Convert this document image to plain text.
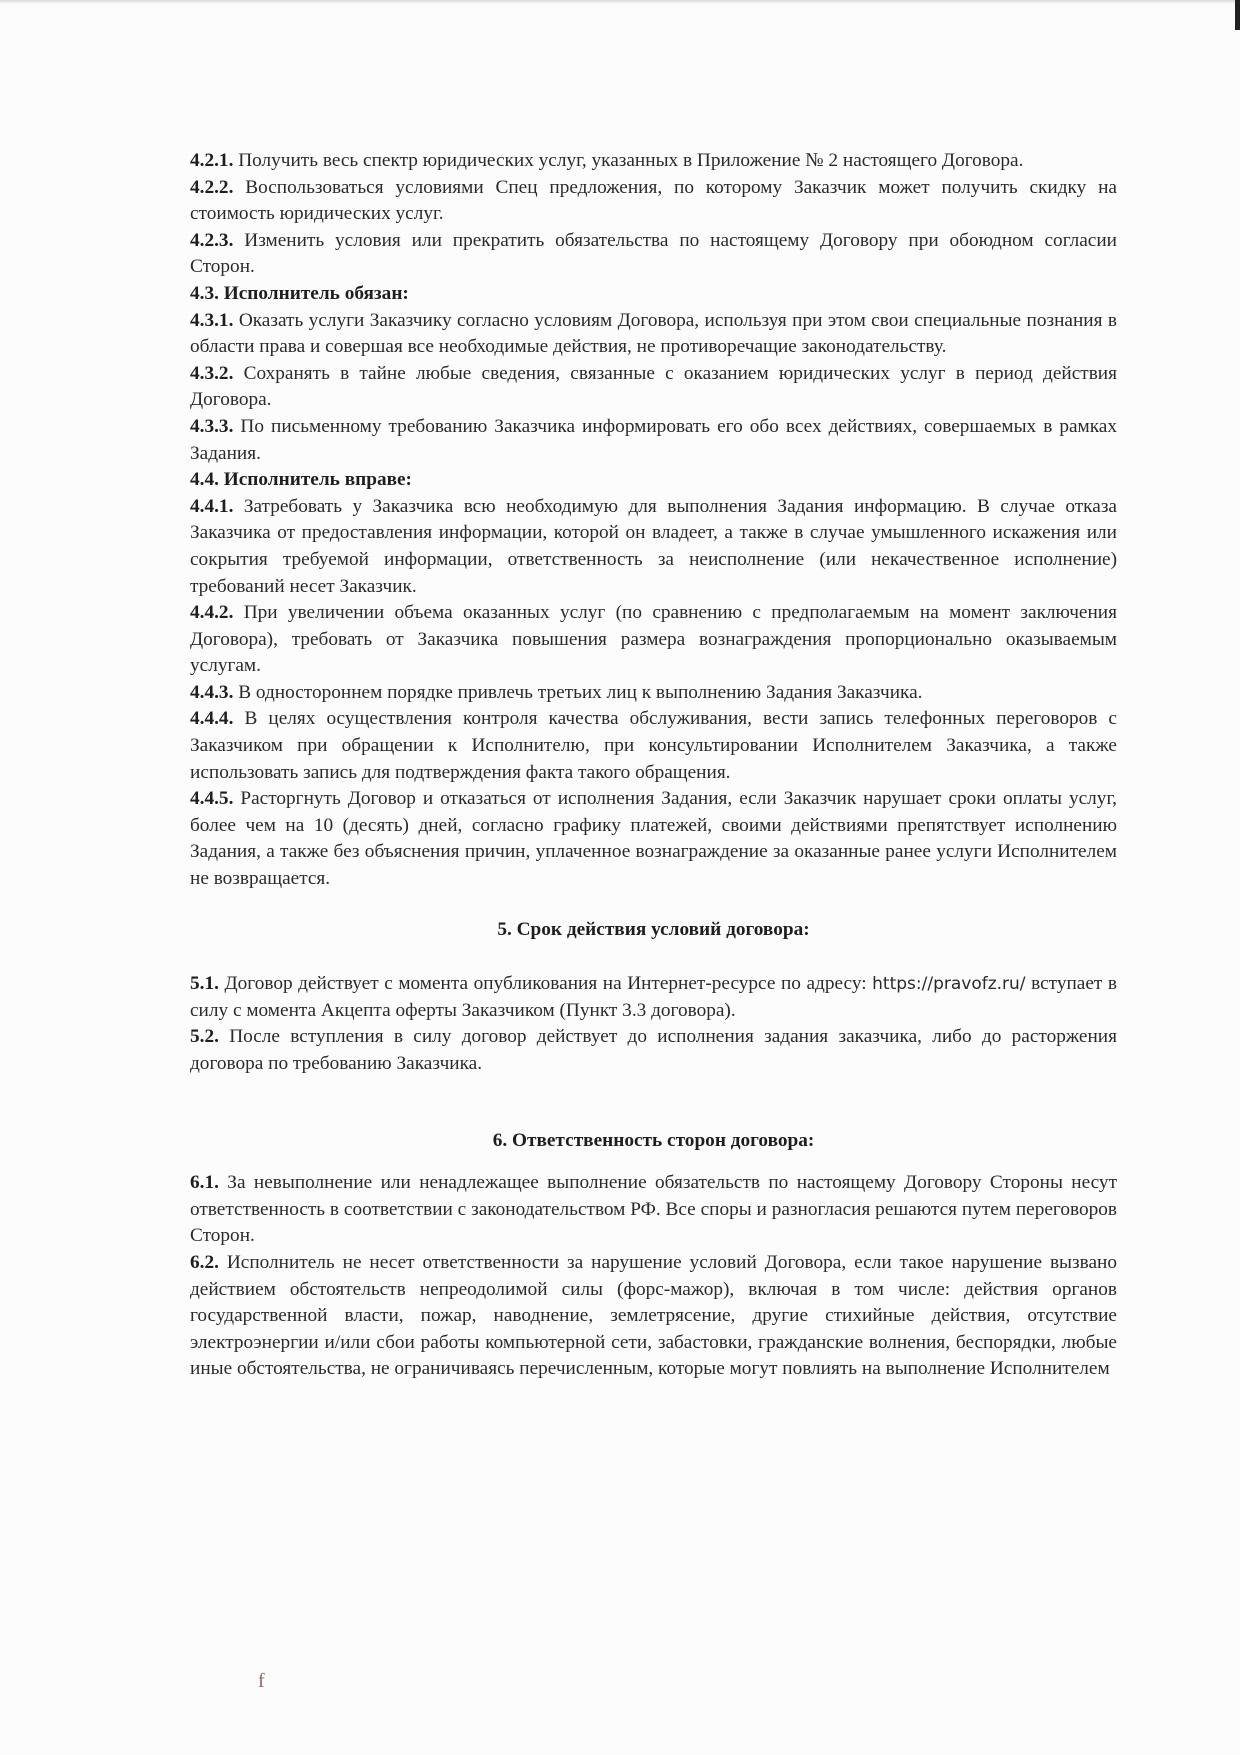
4.2.1. Получить весь спектр юридических услуг, указанных в Приложение № 2 настоящего Договора.

4.2.2. Воспользоваться условиями Спец предложения, по которому Заказчик может получить скидку на стоимость юридических услуг.

4.2.3. Изменить условия или прекратить обязательства по настоящему Договору при обоюдном согласии Сторон.

4.3. Исполнитель обязан:

4.3.1. Оказать услуги Заказчику согласно условиям Договора, используя при этом свои специальные познания в области права и совершая все необходимые действия, не противоречащие законодательству.

4.3.2. Сохранять в тайне любые сведения, связанные с оказанием юридических услуг в период действия Договора.

4.3.3. По письменному требованию Заказчика информировать его обо всех действиях, совершаемых в рамках Задания.

4.4. Исполнитель вправе:

4.4.1. Затребовать у Заказчика всю необходимую для выполнения Задания информацию. В случае отказа Заказчика от предоставления информации, которой он владеет, а также в случае умышленного искажения или сокрытия требуемой информации, ответственность за неисполнение (или некачественное исполнение) требований несет Заказчик.

4.4.2. При увеличении объема оказанных услуг (по сравнению с предполагаемым на момент заключения Договора), требовать от Заказчика повышения размера вознаграждения пропорционально оказываемым услугам.

4.4.3. В одностороннем порядке привлечь третьих лиц к выполнению Задания Заказчика.

4.4.4. В целях осуществления контроля качества обслуживания, вести запись телефонных переговоров с Заказчиком при обращении к Исполнителю, при консультировании Исполнителем Заказчика, а также использовать запись для подтверждения факта такого обращения.

4.4.5. Расторгнуть Договор и отказаться от исполнения Задания, если Заказчик нарушает сроки оплаты услуг, более чем на 10 (десять) дней, согласно графику платежей, своими действиями препятствует исполнению Задания, а также без объяснения причин, уплаченное вознаграждение за оказанные ранее услуги Исполнителем не возвращается.

5. Срок действия условий договора:

5.1. Договор действует с момента опубликования на Интернет-ресурсе по адресу: https://pravofz.ru/ вступает в силу с момента Акцепта оферты Заказчиком (Пункт 3.3 договора).

5.2. После вступления в силу договор действует до исполнения задания заказчика, либо до расторжения договора по требованию Заказчика.

6. Ответственность сторон договора:

6.1. За невыполнение или ненадлежащее выполнение обязательств по настоящему Договору Стороны несут ответственность в соответствии с законодательством РФ. Все споры и разногласия решаются путем переговоров Сторон.

6.2. Исполнитель не несет ответственности за нарушение условий Договора, если такое нарушение вызвано действием обстоятельств непреодолимой силы (форс-мажор), включая в том числе: действия органов государственной власти, пожар, наводнение, землетрясение, другие стихийные действия, отсутствие электроэнергии и/или сбои работы компьютерной сети, забастовки, гражданские волнения, беспорядки, любые иные обстоятельства, не ограничиваясь перечисленным, которые могут повлиять на выполнение Исполнителем

f
